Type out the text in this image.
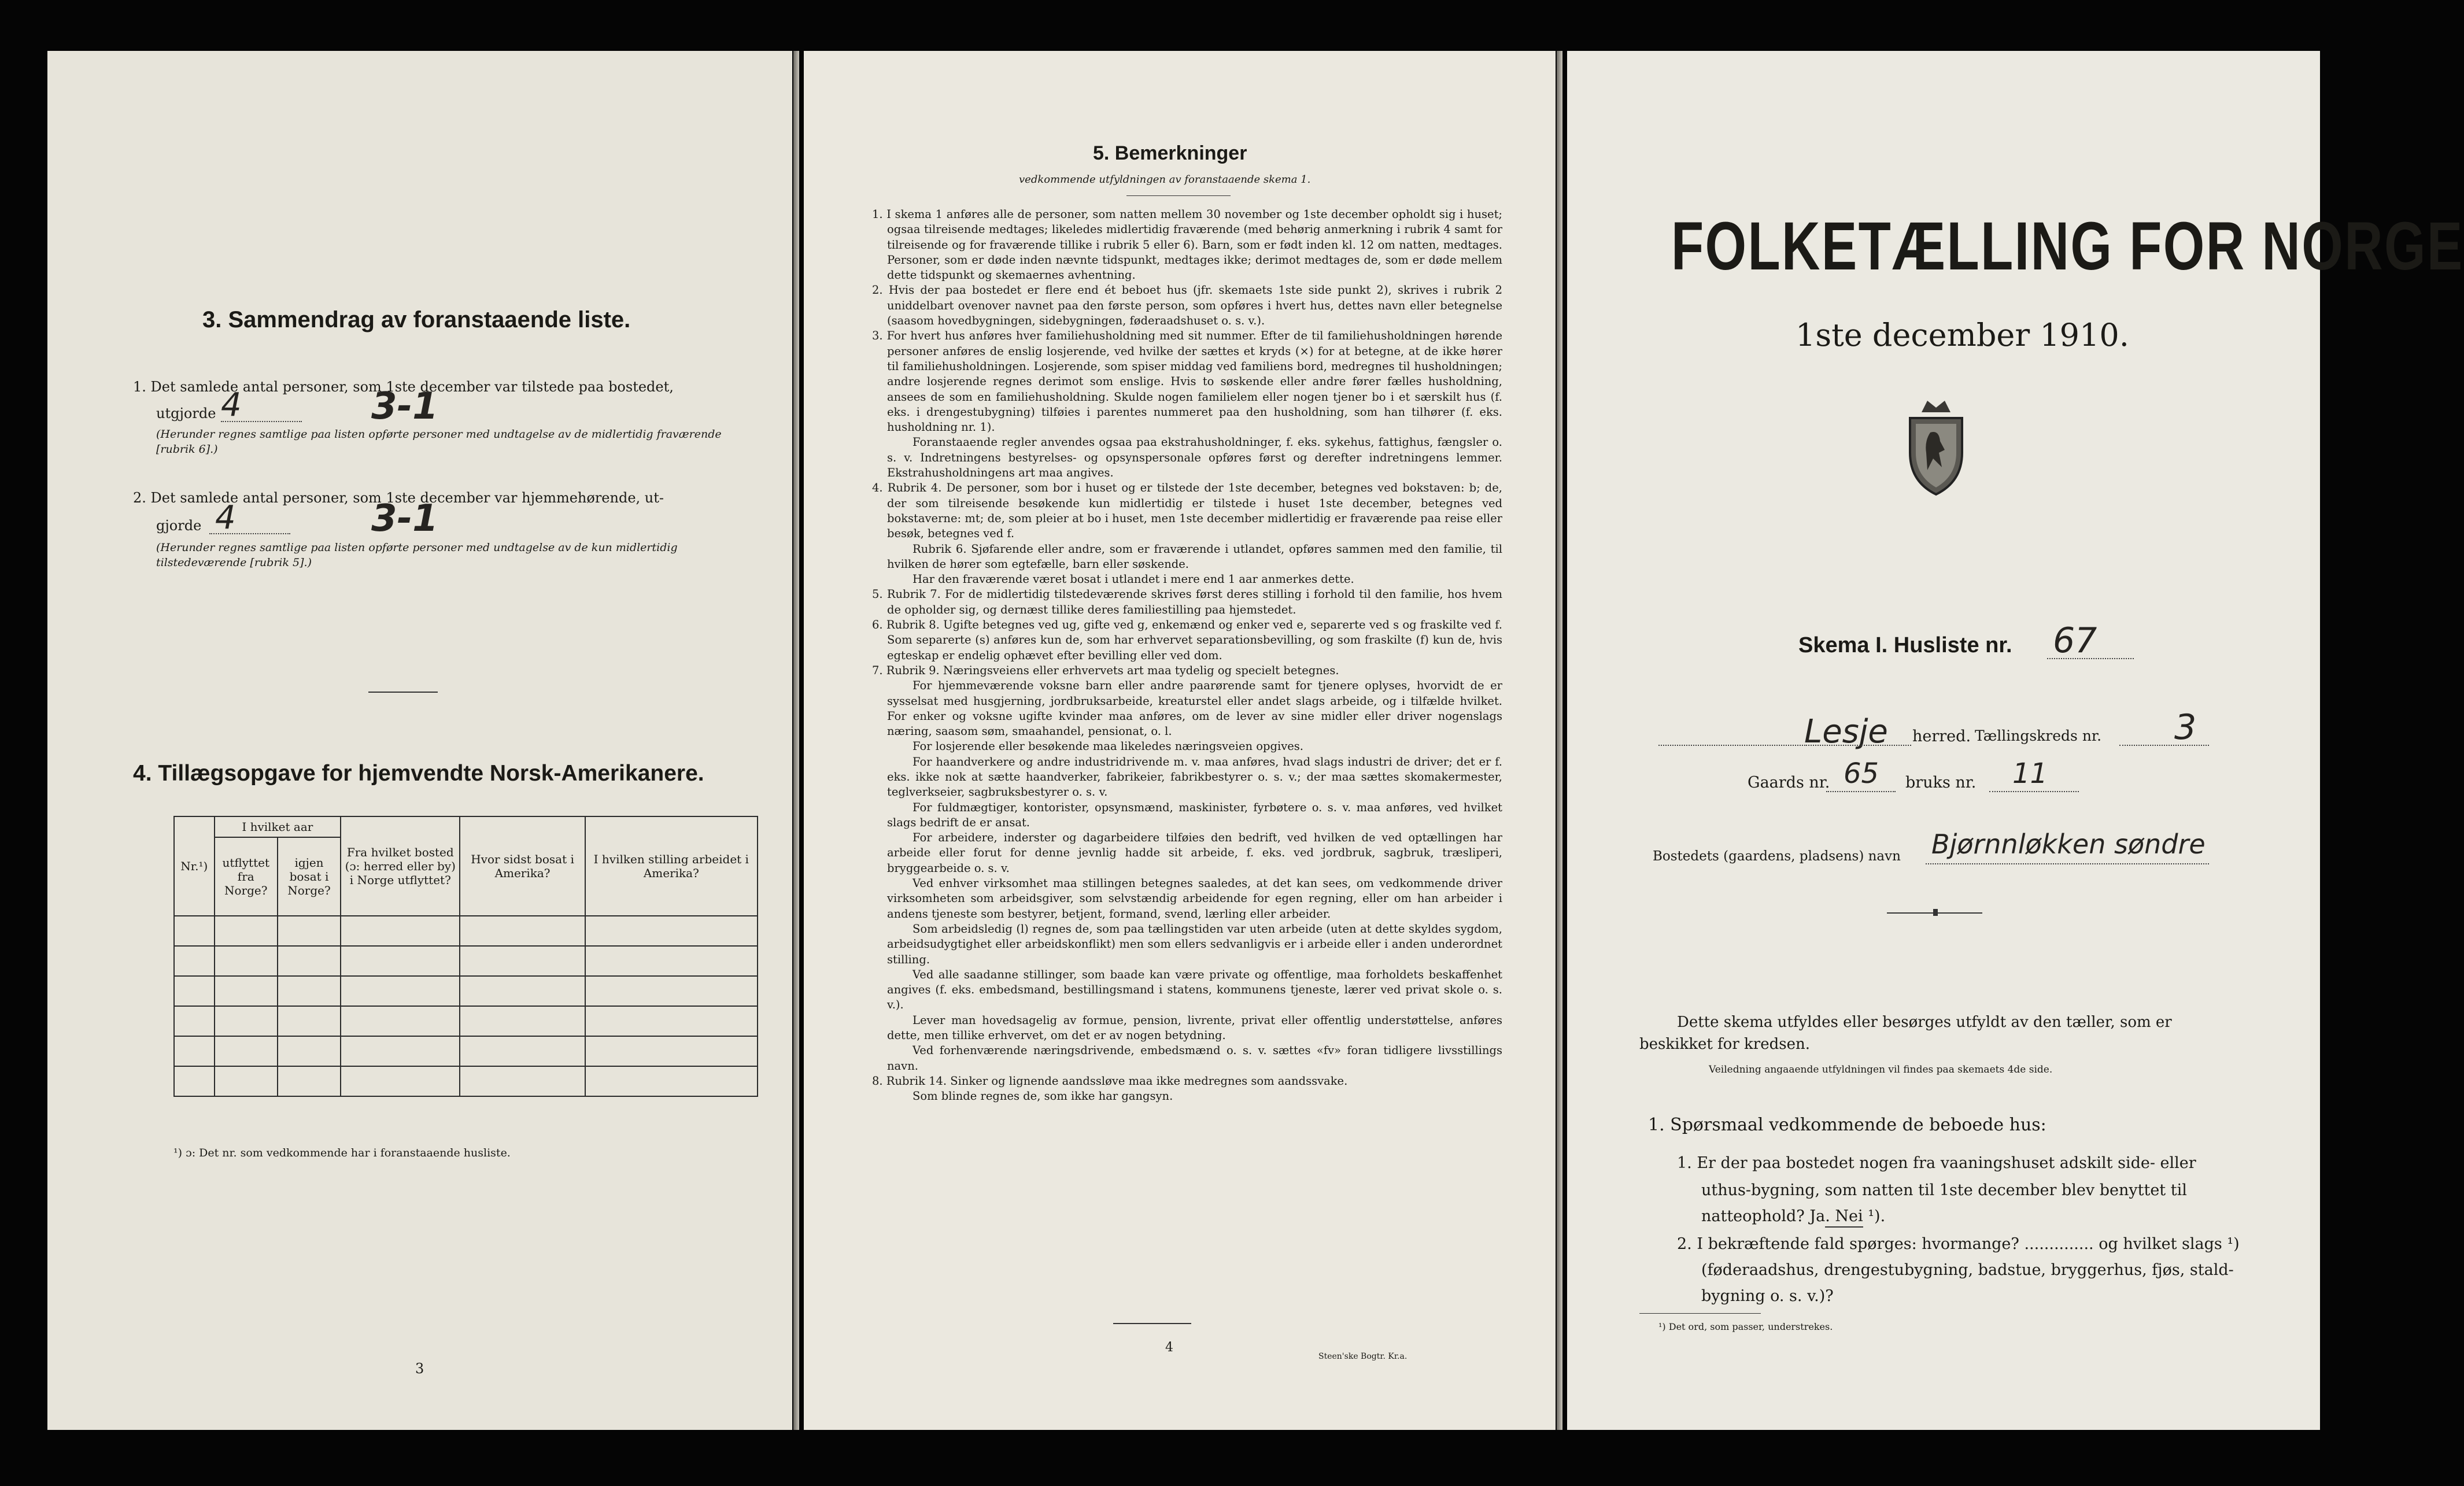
3. Sammendrag av foranstaaende liste.
1. Det samlede antal personer, som 1ste december var tilstede paa bostedet,
utgjorde 4	3-1
(Herunder regnes samtlige paa listen opførte personer med undtagelse av de midlertidig fraværende [rubrik 6].)
2. Det samlede antal personer, som 1ste december var hjemmehørende, ut-
gjorde 4	3-1
(Herunder regnes samtlige paa listen opførte personer med undtagelse av de kun midlertidig tilstedeværende [rubrik 5].)
4. Tillægsopgave for hjemvendte Norsk-Amerikanere.
Nr.¹)	I hvilket aar		Fra hvilket bosted (ɔ: herred eller by) i Norge utflyttet?	Hvor sidst bosat i Amerika?	I hvilken stilling arbeidet i Amerika?
	utflyttet fra Norge?	igjen bosat i Norge?			

¹) ɔ: Det nr. som vedkommende har i foranstaaende husliste.
3
5. Bemerkninger
vedkommende utfyldningen av foranstaaende skema 1.

1. I skema 1 anføres alle de personer, som natten mellem 30 november og 1ste december opholdt sig i huset; ogsaa tilreisende medtages; likeledes midlertidig fraværende (med behørig anmerkning i rubrik 4 samt for tilreisende og for fraværende tillike i rubrik 5 eller 6). Barn, som er født inden kl. 12 om natten, medtages. Personer, som er døde inden nævnte tidspunkt, medtages ikke; derimot medtages de, som er døde mellem dette tidspunkt og skemaernes avhentning.

2. Hvis der paa bostedet er flere end ét beboet hus (jfr. skemaets 1ste side punkt 2), skrives i rubrik 2 uniddelbart ovenover navnet paa den første person, som opføres i hvert hus, dettes navn eller betegnelse (saasom hovedbygningen, sidebygningen, føderaadshuset o. s. v.).

3. For hvert hus anføres hver familiehusholdning med sit nummer. Efter de til familiehusholdningen hørende personer anføres de enslig losjerende, ved hvilke der sættes et kryds (×) for at betegne, at de ikke hører til familiehusholdningen. Losjerende, som spiser middag ved familiens bord, medregnes til husholdningen; andre losjerende regnes derimot som enslige. Hvis to søskende eller andre fører fælles husholdning, ansees de som en familiehusholdning. Skulde nogen familielem eller nogen tjener bo i et særskilt hus (f. eks. i drengestubygning) tilføies i parentes nummeret paa den husholdning, som han tilhører (f. eks. husholdning nr. 1).

Foranstaaende regler anvendes ogsaa paa ekstrahusholdninger, f. eks. sykehus, fattighus, fængsler o. s. v. Indretningens bestyrelses- og opsynspersonale opføres først og derefter indretningens lemmer. Ekstrahusholdningens art maa angives.

4. Rubrik 4. De personer, som bor i huset og er tilstede der 1ste december, betegnes ved bokstaven: b; de, der som tilreisende besøkende kun midlertidig er tilstede i huset 1ste december, betegnes ved bokstaverne: mt; de, som pleier at bo i huset, men 1ste december midlertidig er fraværende paa reise eller besøk, betegnes ved f.

Rubrik 6. Sjøfarende eller andre, som er fraværende i utlandet, opføres sammen med den familie, til hvilken de hører som egtefælle, barn eller søskende.

Har den fraværende været bosat i utlandet i mere end 1 aar anmerkes dette.

5. Rubrik 7. For de midlertidig tilstedeværende skrives først deres stilling i forhold til den familie, hos hvem de opholder sig, og dernæst tillike deres familiestilling paa hjemstedet.

6. Rubrik 8. Ugifte betegnes ved ug, gifte ved g, enkemænd og enker ved e, separerte ved s og fraskilte ved f. Som separerte (s) anføres kun de, som har erhvervet separationsbevilling, og som fraskilte (f) kun de, hvis egteskap er endelig ophævet efter bevilling eller ved dom.

7. Rubrik 9. Næringsveiens eller erhvervets art maa tydelig og specielt betegnes.

For hjemmeværende voksne barn eller andre paarørende samt for tjenere oplyses, hvorvidt de er sysselsat med husgjerning, jordbruksarbeide, kreaturstel eller andet slags arbeide, og i tilfælde hvilket. For enker og voksne ugifte kvinder maa anføres, om de lever av sine midler eller driver nogenslags næring, saasom søm, smaahandel, pensionat, o. l.

For losjerende eller besøkende maa likeledes næringsveien opgives.

For haandverkere og andre industridrivende m. v. maa anføres, hvad slags industri de driver; det er f. eks. ikke nok at sætte haandverker, fabrikeier, fabrikbestyrer o. s. v.; der maa sættes skomakermester, teglverkseier, sagbruksbestyrer o. s. v.

For fuldmægtiger, kontorister, opsynsmænd, maskinister, fyrbøtere o. s. v. maa anføres, ved hvilket slags bedrift de er ansat.

For arbeidere, inderster og dagarbeidere tilføies den bedrift, ved hvilken de ved optællingen har arbeide eller forut for denne jevnlig hadde sit arbeide, f. eks. ved jordbruk, sagbruk, træsliperi, bryggearbeide o. s. v.

Ved enhver virksomhet maa stillingen betegnes saaledes, at det kan sees, om vedkommende driver virksomheten som arbeidsgiver, som selvstændig arbeidende for egen regning, eller om han arbeider i andens tjeneste som bestyrer, betjent, formand, svend, lærling eller arbeider.

Som arbeidsledig (l) regnes de, som paa tællingstiden var uten arbeide (uten at dette skyldes sygdom, arbeidsudygtighet eller arbeidskonflikt) men som ellers sedvanligvis er i arbeide eller i anden underordnet stilling.

Ved alle saadanne stillinger, som baade kan være private og offentlige, maa forholdets beskaffenhet angives (f. eks. embedsmand, bestillingsmand i statens, kommunens tjeneste, lærer ved privat skole o. s. v.).

Lever man hovedsagelig av formue, pension, livrente, privat eller offentlig understøttelse, anføres dette, men tillike erhvervet, om det er av nogen betydning.

Ved forhenværende næringsdrivende, embedsmænd o. s. v. sættes «fv» foran tidligere livsstillings navn.

8. Rubrik 14. Sinker og lignende aandssløve maa ikke medregnes som aandssvake.

Som blinde regnes de, som ikke har gangsyn.

4
Steen'ske Bogtr. Kr.a.
FOLKETÆLLING FOR NORGE
1ste december 1910.
Skema I. Husliste nr. 67
Lesje herred. Tællingskreds nr. 3
Gaards nr. 65 bruks nr. 11
Bostedets (gaardens, pladsens) navn Bjørnnløkken søndre
Dette skema utfyldes eller besørges utfyldt av den tæller, som er
beskikket for kredsen.
Veiledning angaaende utfyldningen vil findes paa skemaets 4de side.
1. Spørsmaal vedkommende de beboede hus:
1. Er der paa bostedet nogen fra vaaningshuset adskilt side- eller
uthus-bygning, som natten til 1ste december blev benyttet til
natteophold? Ja. Nei ¹).
2. I bekræftende fald spørges: hvormange? .............. og hvilket slags ¹)
(føderaadshus, drengestubygning, badstue, bryggerhus, fjøs, stald-
bygning o. s. v.)?
¹) Det ord, som passer, understrekes.
